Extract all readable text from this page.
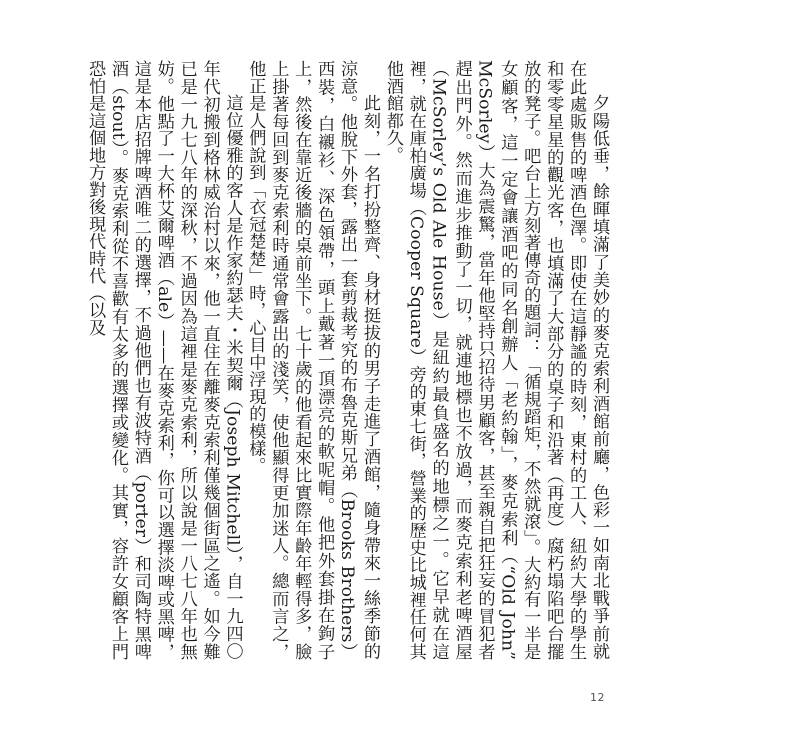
夕陽低垂，餘暉填滿了美妙的麥克索利酒館前廳，色彩一如南北戰爭前就在此處販售的啤酒色澤。即使在這靜謐的時刻，東村的工人、紐約大學的學生和零零星星的觀光客，也填滿了大部分的桌子和沿著（再度）腐朽塌陷吧台擺放的凳子。吧台上方刻著傳奇的題詞：「循規蹈矩，不然就滾」。大約有一半是女顧客，這一定會讓酒吧的同名創辦人「老約翰」，麥克索利（“Old John” McSorley）大為震驚，當年他堅持只招待男顧客，甚至親自把狂妄的冒犯者趕出門外。然而進步推動了一切，就連地標也不放過，而麥克索利老啤酒屋（McSorley’s Old Ale House）是紐約最負盛名的地標之一。它早就在這裡，就在庫柏廣場（Cooper Square）旁的東七街，營業的歷史比城裡任何其他酒館都久。

此刻，一名打扮整齊、身材挺拔的男子走進了酒館，隨身帶來一絲季節的涼意。他脫下外套，露出一套剪裁考究的布魯克斯兄弟（Brooks Brothers）西裝，白襯衫、深色領帶，頭上戴著一頂漂亮的軟呢帽。他把外套掛在鉤子上，然後在靠近後牆的桌前坐下。七十歲的他看起來比實際年齡年輕得多，臉上掛著每回到麥克索利時通常會露出的淺笑，使他顯得更加迷人。總而言之，他正是人們說到「衣冠楚楚」時，心目中浮現的模樣。

這位優雅的客人是作家約瑟夫・米契爾（Joseph Mitchell），自一九四〇年代初搬到格林威治村以來，他一直住在離麥克索利僅幾個街區之遙。如今難已是一九七八年的深秋，不過因為這裡是麥克索利，所以說是一八七八年也無妨。他點了一大杯艾爾啤酒（ale）——在麥克索利，你可以選擇淡啤或黑啤，這是本店招牌啤酒唯二的選擇，不過他們也有波特酒（porter）和司陶特黑啤酒（stout）。麥克索利從不喜歡有太多的選擇或變化。其實，容許女顧客上門恐怕是這個地方對後現代時代（以及

12
